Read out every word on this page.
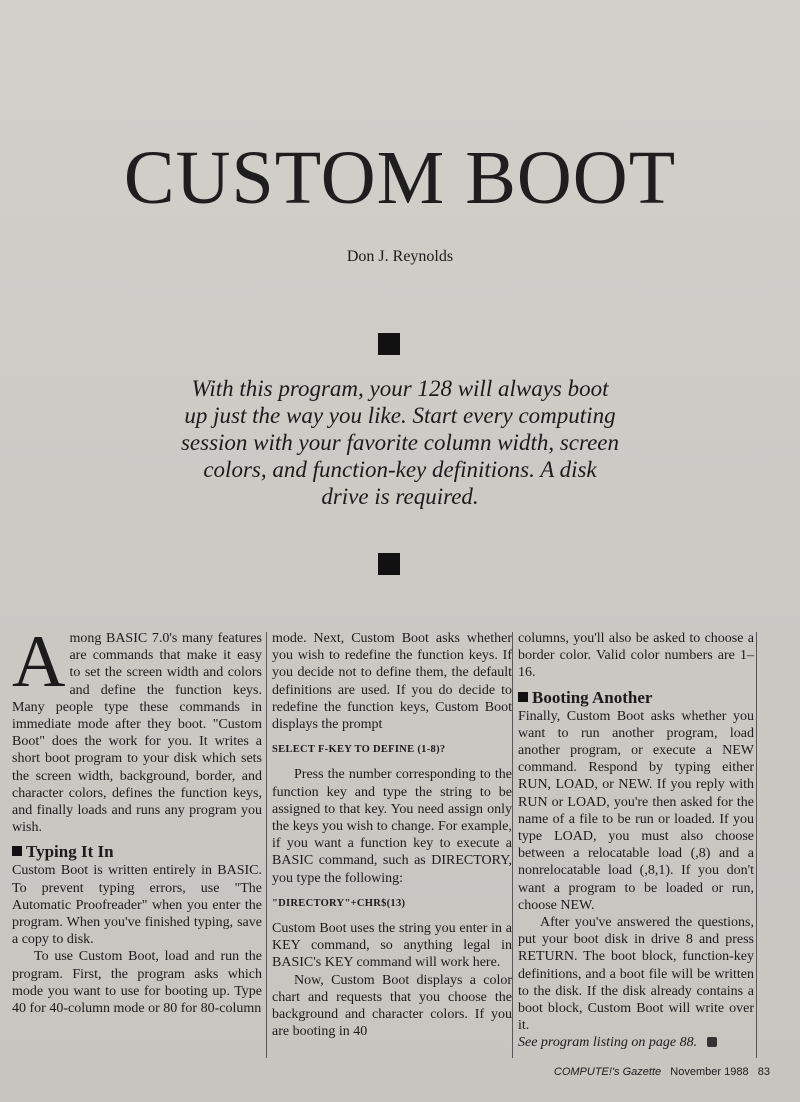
CUSTOM BOOT
Don J. Reynolds

With this program, your 128 will always boot up just the way you like. Start every computing session with your favorite column width, screen colors, and function-key definitions. A disk drive is required.

A mong BASIC 7.0's many features are commands that make it easy to set the screen width and colors and define the function keys. Many people type these commands in immediate mode after they boot. "Custom Boot" does the work for you. It writes a short boot program to your disk which sets the screen width, background, border, and character colors, defines the function keys, and finally loads and runs any program you wish.

Typing It In

Custom Boot is written entirely in BASIC. To prevent typing errors, use "The Automatic Proofreader" when you enter the program. When you've finished typing, save a copy to disk.

To use Custom Boot, load and run the program. First, the program asks which mode you want to use for booting up. Type 40 for 40-column mode or 80 for 80-column

mode. Next, Custom Boot asks whether you wish to redefine the function keys. If you decide not to define them, the default definitions are used. If you do decide to redefine the function keys, Custom Boot displays the prompt

SELECT F-KEY TO DEFINE (1-8)?

Press the number corresponding to the function key and type the string to be assigned to that key. You need assign only the keys you wish to change. For example, if you want a function key to execute a BASIC command, such as DIRECTORY, you type the following:

"DIRECTORY"+CHR$(13)

Custom Boot uses the string you enter in a KEY command, so anything legal in BASIC's KEY command will work here.

Now, Custom Boot displays a color chart and requests that you choose the background and character colors. If you are booting in 40

columns, you'll also be asked to choose a border color. Valid color numbers are 1–16.

Booting Another

Finally, Custom Boot asks whether you want to run another program, load another program, or execute a NEW command. Respond by typing either RUN, LOAD, or NEW. If you reply with RUN or LOAD, you're then asked for the name of a file to be run or loaded. If you type LOAD, you must also choose between a relocatable load (,8) and a nonrelocatable load (,8,1). If you don't want a program to be loaded or run, choose NEW.

After you've answered the questions, put your boot disk in drive 8 and press RETURN. The boot block, function-key definitions, and a boot file will be written to the disk. If the disk already contains a boot block, Custom Boot will write over it.

See program listing on page 88.

COMPUTE!'s Gazette November 1988 83
